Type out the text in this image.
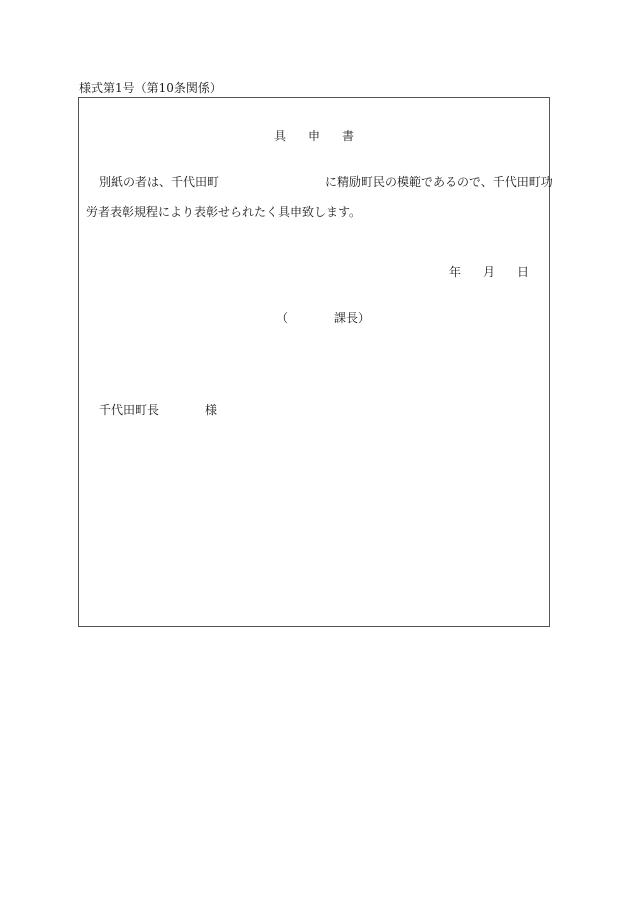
様式第1号（第10条関係）
具 申 書
別紙の者は、千代田町	に精励町民の模範であるので、千代田町功
労者表彰規程により表彰せられたく具申致します。
年 月 日
（	課長）
千代田町長	様
